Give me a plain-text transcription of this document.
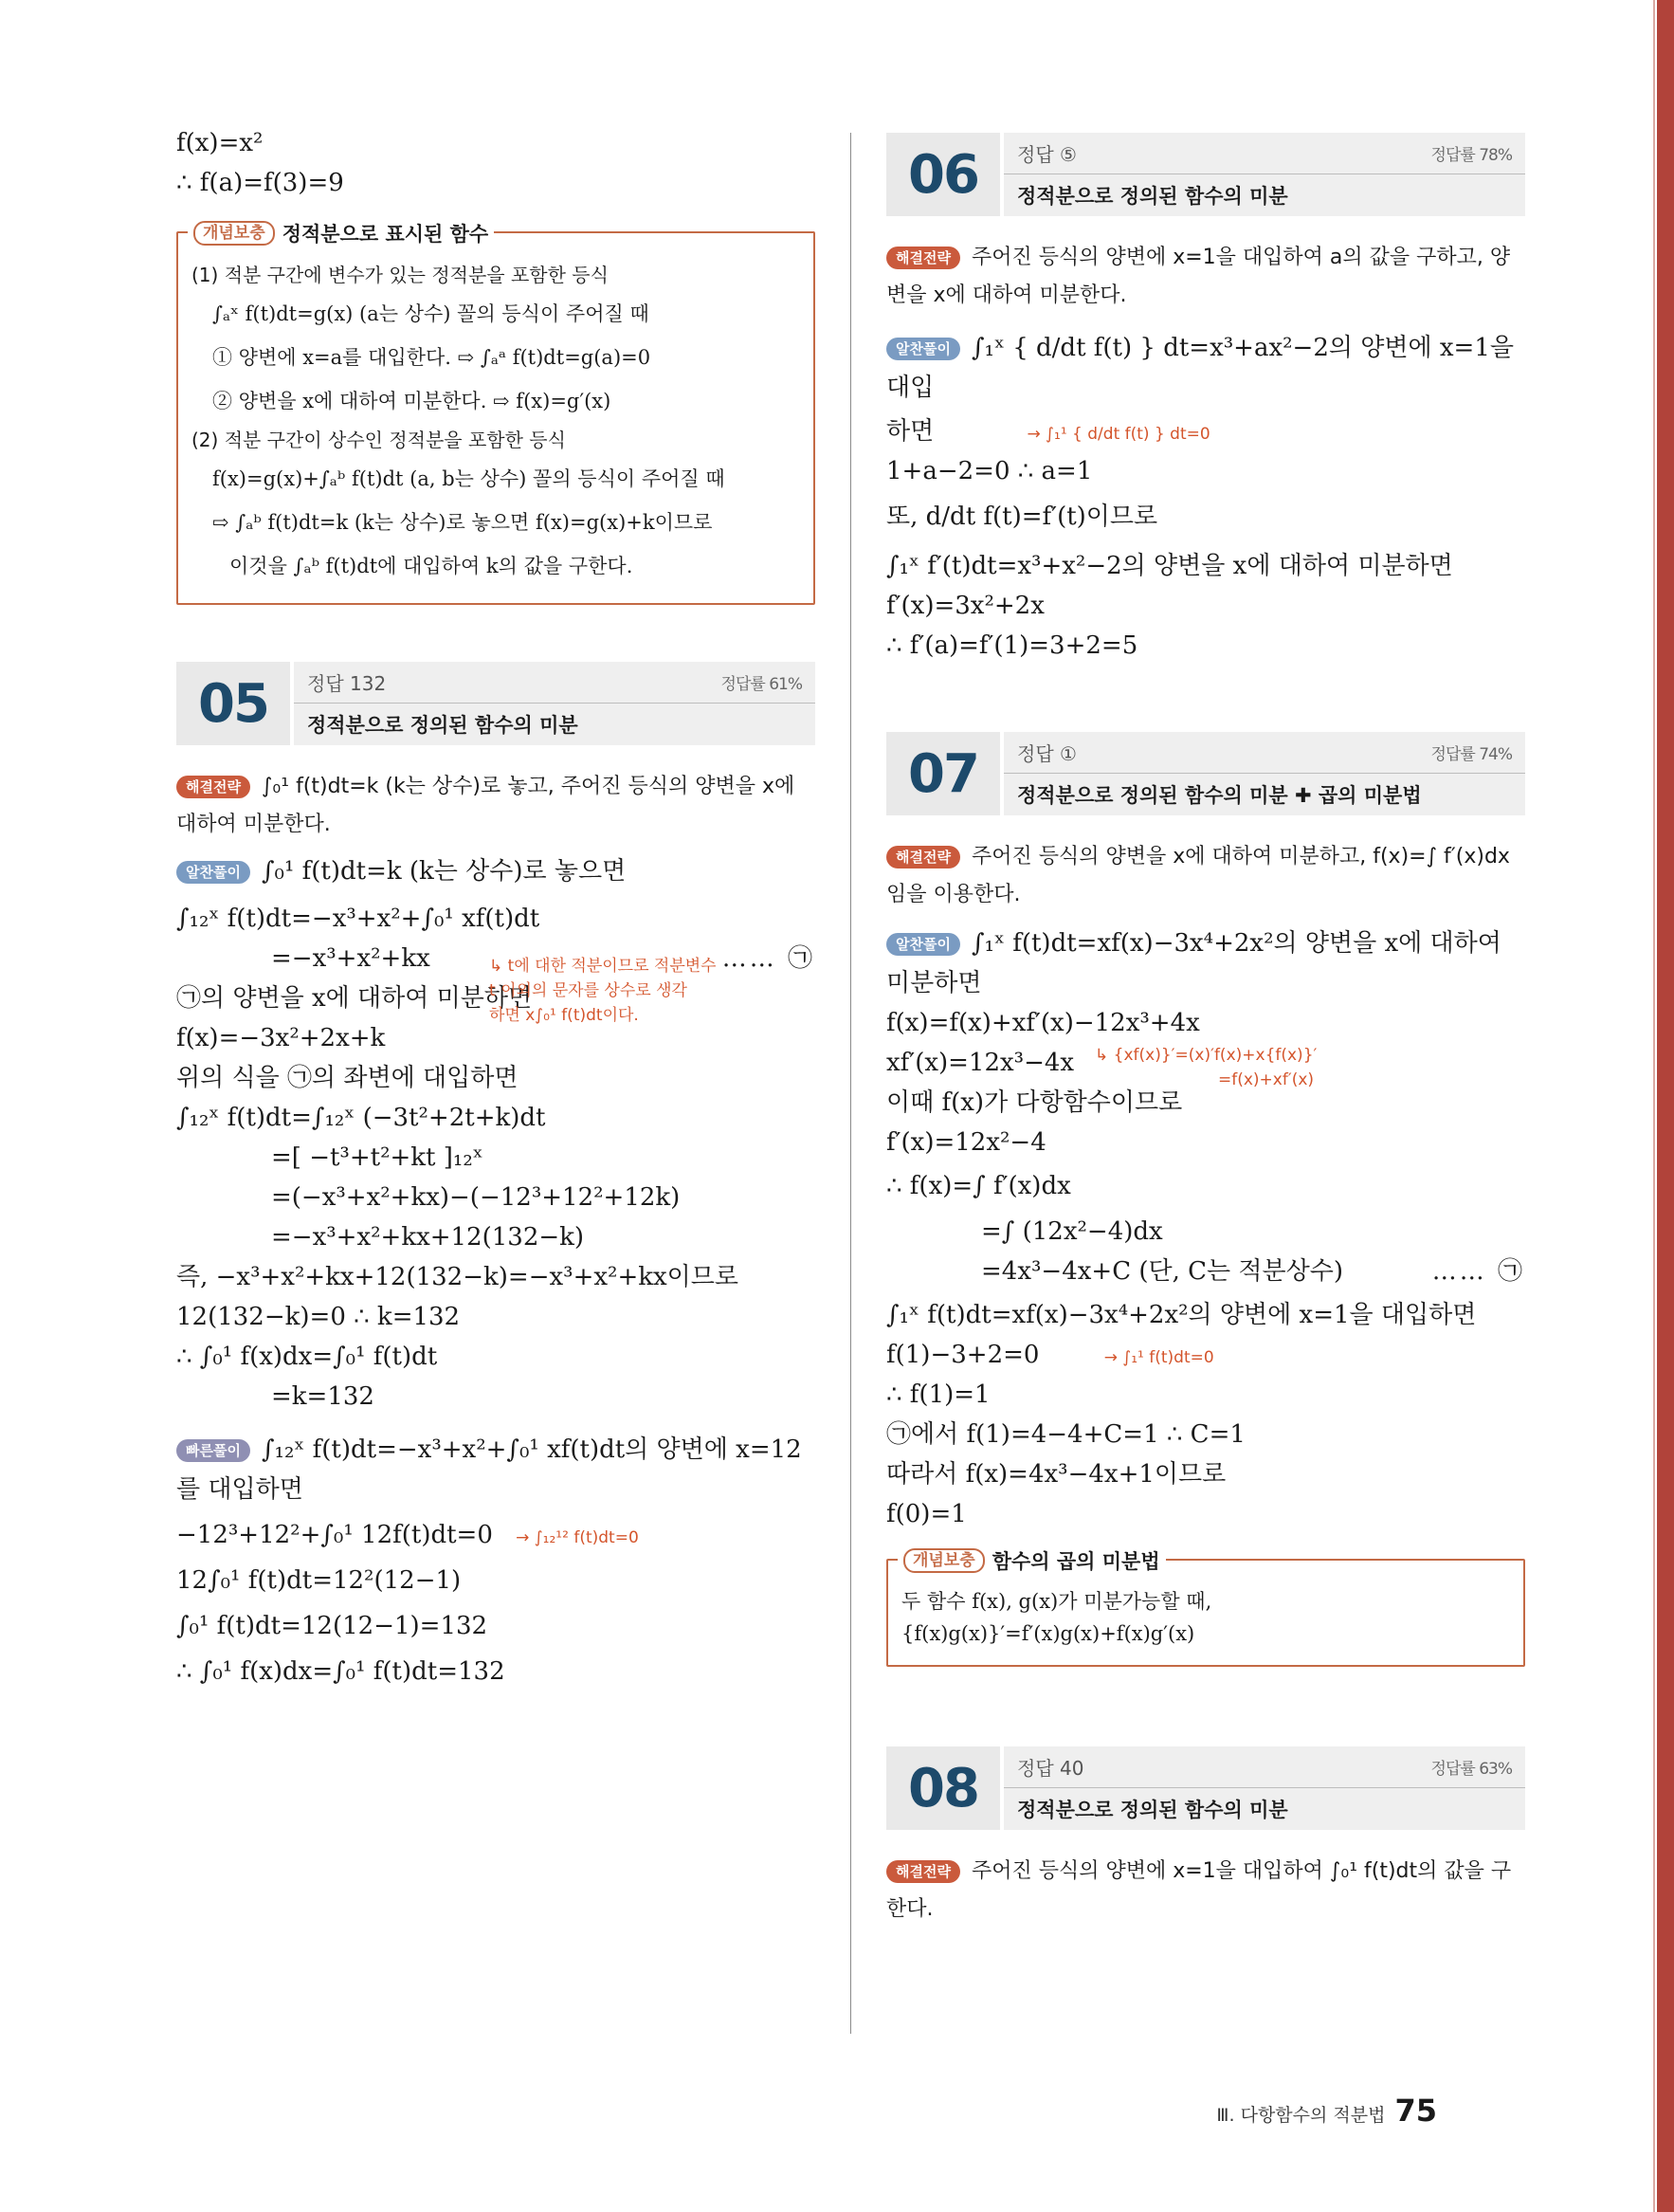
f(x)=x²
∴ f(a)=f(3)=9
개념보충 정적분으로 표시된 함수
(1) 적분 구간에 변수가 있는 정적분을 포함한 등식
∫ₐˣ f(t)dt=g(x) (a는 상수) 꼴의 등식이 주어질 때
① 양변에 x=a를 대입한다. ⇨ ∫ₐᵃ f(t)dt=g(a)=0
② 양변을 x에 대하여 미분한다. ⇨ f(x)=g′(x)
(2) 적분 구간이 상수인 정적분을 포함한 등식
f(x)=g(x)+∫ₐᵇ f(t)dt (a, b는 상수) 꼴의 등식이 주어질 때
⇨ ∫ₐᵇ f(t)dt=k (k는 상수)로 놓으면 f(x)=g(x)+k이므로
이것을 ∫ₐᵇ f(t)dt에 대입하여 k의 값을 구한다.
05	정답 132	정답률 61%
정적분으로 정의된 함수의 미분
해결전략 ∫₀¹ f(t)dt=k (k는 상수)로 놓고, 주어진 등식의 양변을 x에 대하여 미분한다.
알찬풀이 ∫₀¹ f(t)dt=k (k는 상수)로 놓으면
∫₁₂ˣ f(t)dt=−x³+x²+∫₀¹ xf(t)dt
=−x³+x²+kx	…… ㉠
㉠의 양변을 x에 대하여 미분하면
f(x)=−3x²+2x+k
위의 식을 ㉠의 좌변에 대입하면
∫₁₂ˣ f(t)dt=∫₁₂ˣ (−3t²+2t+k)dt
=[ −t³+t²+kt ]₁₂ˣ
=(−x³+x²+kx)−(−12³+12²+12k)
=−x³+x²+kx+12(132−k)
즉, −x³+x²+kx+12(132−k)=−x³+x²+kx이므로
12(132−k)=0 ∴ k=132
∴ ∫₀¹ f(x)dx=∫₀¹ f(t)dt
=k=132
↳ t에 대한 적분이므로 적분변수
t 이외의 문자를 상수로 생각
하면 x∫₀¹ f(t)dt이다.
빠른풀이 ∫₁₂ˣ f(t)dt=−x³+x²+∫₀¹ xf(t)dt의 양변에 x=12
를 대입하면
−12³+12²+∫₀¹ 12f(t)dt=0 → ∫₁₂¹² f(t)dt=0
12∫₀¹ f(t)dt=12²(12−1)
∫₀¹ f(t)dt=12(12−1)=132
∴ ∫₀¹ f(x)dx=∫₀¹ f(t)dt=132
06	정답 ⑤	정답률 78%
정적분으로 정의된 함수의 미분
해결전략 주어진 등식의 양변에 x=1을 대입하여 a의 값을 구하고, 양변을 x에 대하여 미분한다.
알찬풀이 ∫₁ˣ { d/dt f(t) } dt=x³+ax²−2의 양변에 x=1을 대입
하면	→ ∫₁¹ { d/dt f(t) } dt=0
1+a−2=0 ∴ a=1
또, d/dt f(t)=f′(t)이므로
∫₁ˣ f′(t)dt=x³+x²−2의 양변을 x에 대하여 미분하면
f′(x)=3x²+2x
∴ f′(a)=f′(1)=3+2=5
07	정답 ①	정답률 74%
정적분으로 정의된 함수의 미분 ✚ 곱의 미분법
해결전략 주어진 등식의 양변을 x에 대하여 미분하고, f(x)=∫ f′(x)dx 임을 이용한다.
알찬풀이 ∫₁ˣ f(t)dt=xf(x)−3x⁴+2x²의 양변을 x에 대하여
미분하면
f(x)=f(x)+xf′(x)−12x³+4x
xf′(x)=12x³−4x
이때 f(x)가 다항함수이므로
f′(x)=12x²−4
∴ f(x)=∫ f′(x)dx
=∫ (12x²−4)dx
=4x³−4x+C (단, C는 적분상수)	…… ㉠
∫₁ˣ f(t)dt=xf(x)−3x⁴+2x²의 양변에 x=1을 대입하면
f(1)−3+2=0	→ ∫₁¹ f(t)dt=0
∴ f(1)=1
㉠에서 f(1)=4−4+C=1 ∴ C=1
따라서 f(x)=4x³−4x+1이므로
f(0)=1
↳ {xf(x)}′=(x)′f(x)+x{f(x)}′
=f(x)+xf′(x)
개념보충 함수의 곱의 미분법
두 함수 f(x), g(x)가 미분가능할 때,
{f(x)g(x)}′=f′(x)g(x)+f(x)g′(x)
08	정답 40	정답률 63%
정적분으로 정의된 함수의 미분
해결전략 주어진 등식의 양변에 x=1을 대입하여 ∫₀¹ f(t)dt의 값을 구한다.
Ⅲ. 다항함수의 적분법 75
